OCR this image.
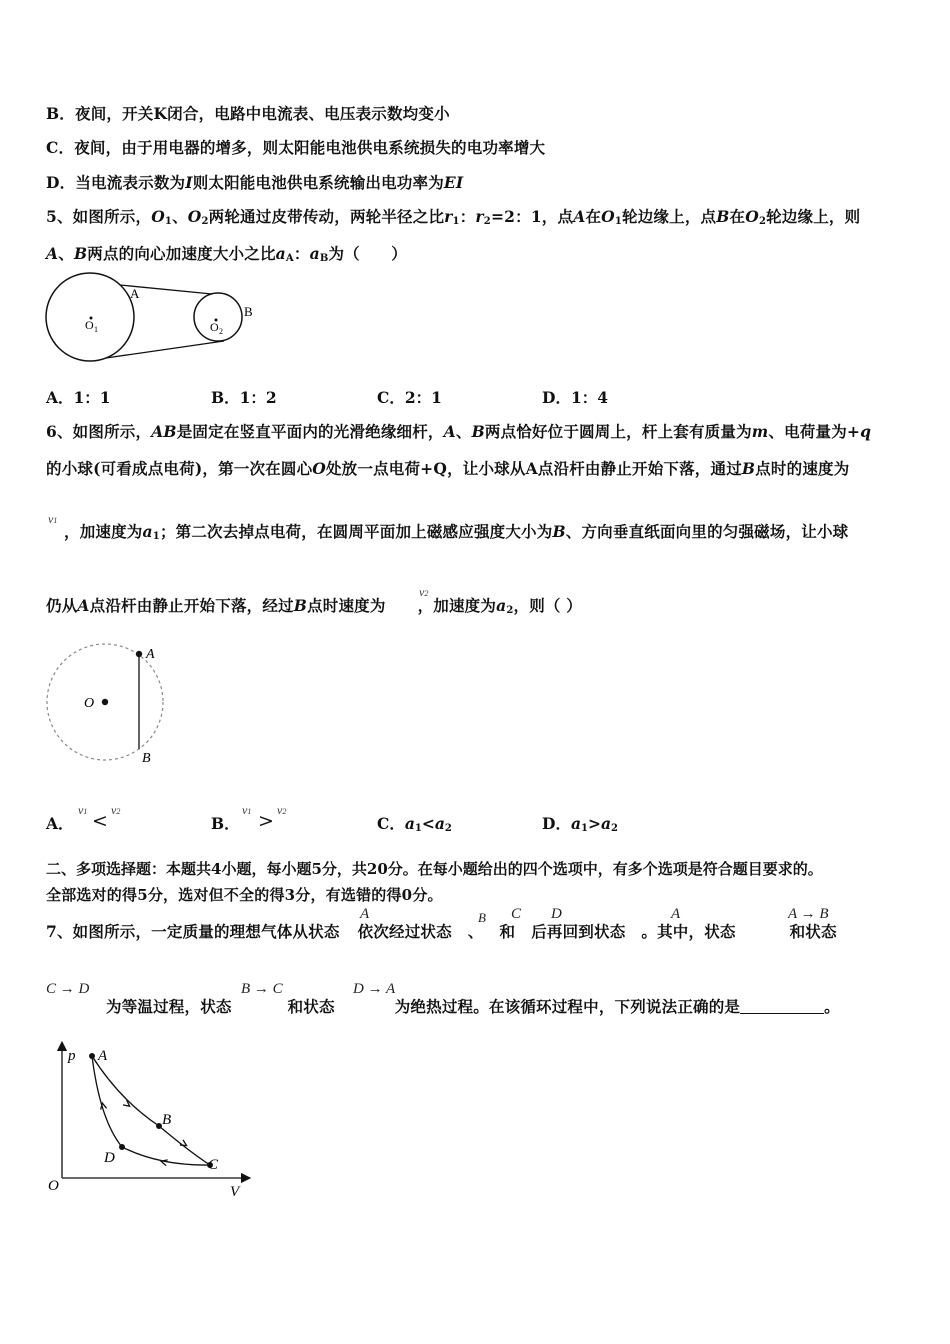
B．夜间，开关K闭合，电路中电流表、电压表示数均变小
C．夜间，由于用电器的增多，则太阳能电池供电系统损失的电功率增大
D．当电流表示数为I则太阳能电池供电系统输出电功率为EI
5、如图所示，$O_1$、$O_2$两轮通过皮带传动，两轮半径之比$r_1$：$r_2=2$：1，点A在$O_1$轮边缘上，点B在$O_2$轮边缘上，则
A、B两点的向心加速度大小之比$a_A$：$a_B$为（　　）
A
B
O 1	O 2
A．1：1	B．1：2	C．2：1	D．1：4
6、如图所示，AB是固定在竖直平面内的光滑绝缘细杆，A、B两点恰好位于圆周上，杆上套有质量为m、电荷量为+q
的小球(可看成点电荷)，第一次在圆心O处放一点电荷+Q，让小球从A点沿杆由静止开始下落，通过B点时的速度为
v1
，加速度为$a_1$；第二次去掉点电荷，在圆周平面加上磁感应强度大小为B、方向垂直纸面向里的匀强磁场，让小球
仍从A点沿杆由静止开始下落，经过B点时速度为 ，加速度为$a_2$，则（ ）
v2
A
O
B
A．
v1 < v2
B．
v1 > v2
C．$a_1<a_2$	D．$a_1>a_2$
二、多项选择题：本题共4小题，每小题5分，共20分。在每小题给出的四个选项中，有多个选项是符合题目要求的。
全部选对的得5分，选对但不全的得3分，有选错的得0分。
7、如图所示，一定质量的理想气体从状态 依次经过状态 、 和 后再回到状态 。其中，状态	和状态
A	B C D	A	A → B
C → D
为等温过程，状态	和状态	为绝热过程。在该循环过程中，下列说法正确的是	。
B → C	D → A
p
V
O
A
B
C
D
